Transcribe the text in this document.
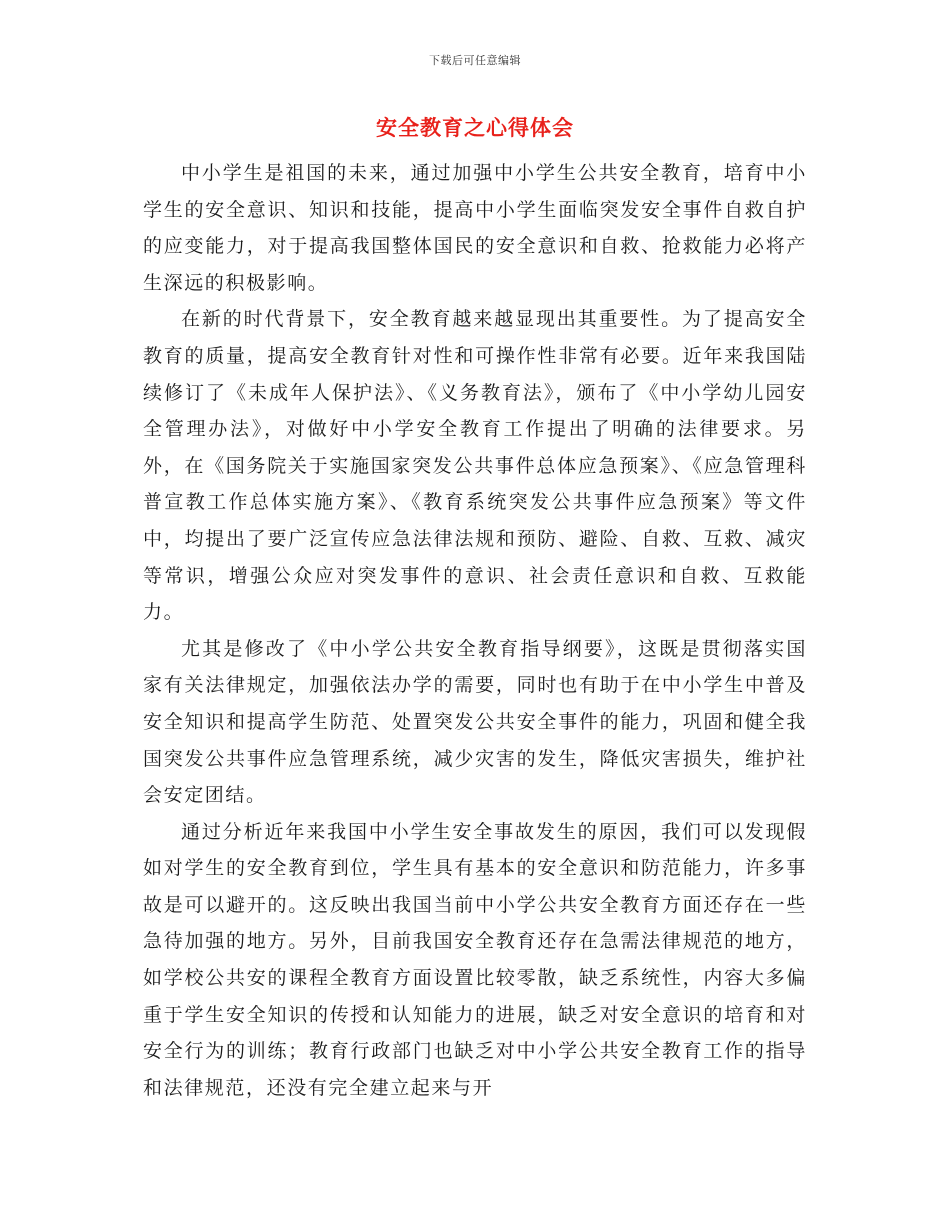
下载后可任意编辑
安全教育之心得体会

中小学生是祖国的未来，通过加强中小学生公共安全教育，培育中小学生的安全意识、知识和技能，提高中小学生面临突发安全事件自救自护的应变能力，对于提高我国整体国民的安全意识和自救、抢救能力必将产生深远的积极影响。

在新的时代背景下，安全教育越来越显现出其重要性。为了提高安全教育的质量，提高安全教育针对性和可操作性非常有必要。近年来我国陆续修订了《未成年人保护法》、《义务教育法》，颁布了《中小学幼儿园安全管理办法》，对做好中小学安全教育工作提出了明确的法律要求。另外，在《国务院关于实施国家突发公共事件总体应急预案》、《应急管理科普宣教工作总体实施方案》、《教育系统突发公共事件应急预案》等文件中，均提出了要广泛宣传应急法律法规和预防、避险、自救、互救、减灾等常识，增强公众应对突发事件的意识、社会责任意识和自救、互救能力。

尤其是修改了《中小学公共安全教育指导纲要》，这既是贯彻落实国家有关法律规定，加强依法办学的需要，同时也有助于在中小学生中普及安全知识和提高学生防范、处置突发公共安全事件的能力，巩固和健全我国突发公共事件应急管理系统，减少灾害的发生，降低灾害损失，维护社会安定团结。

通过分析近年来我国中小学生安全事故发生的原因，我们可以发现假如对学生的安全教育到位，学生具有基本的安全意识和防范能力，许多事故是可以避开的。这反映出我国当前中小学公共安全教育方面还存在一些急待加强的地方。另外，目前我国安全教育还存在急需法律规范的地方，如学校公共安的课程全教育方面设置比较零散，缺乏系统性，内容大多偏重于学生安全知识的传授和认知能力的进展，缺乏对安全意识的培育和对安全行为的训练；教育行政部门也缺乏对中小学公共安全教育工作的指导和法律规范，还没有完全建立起来与开
